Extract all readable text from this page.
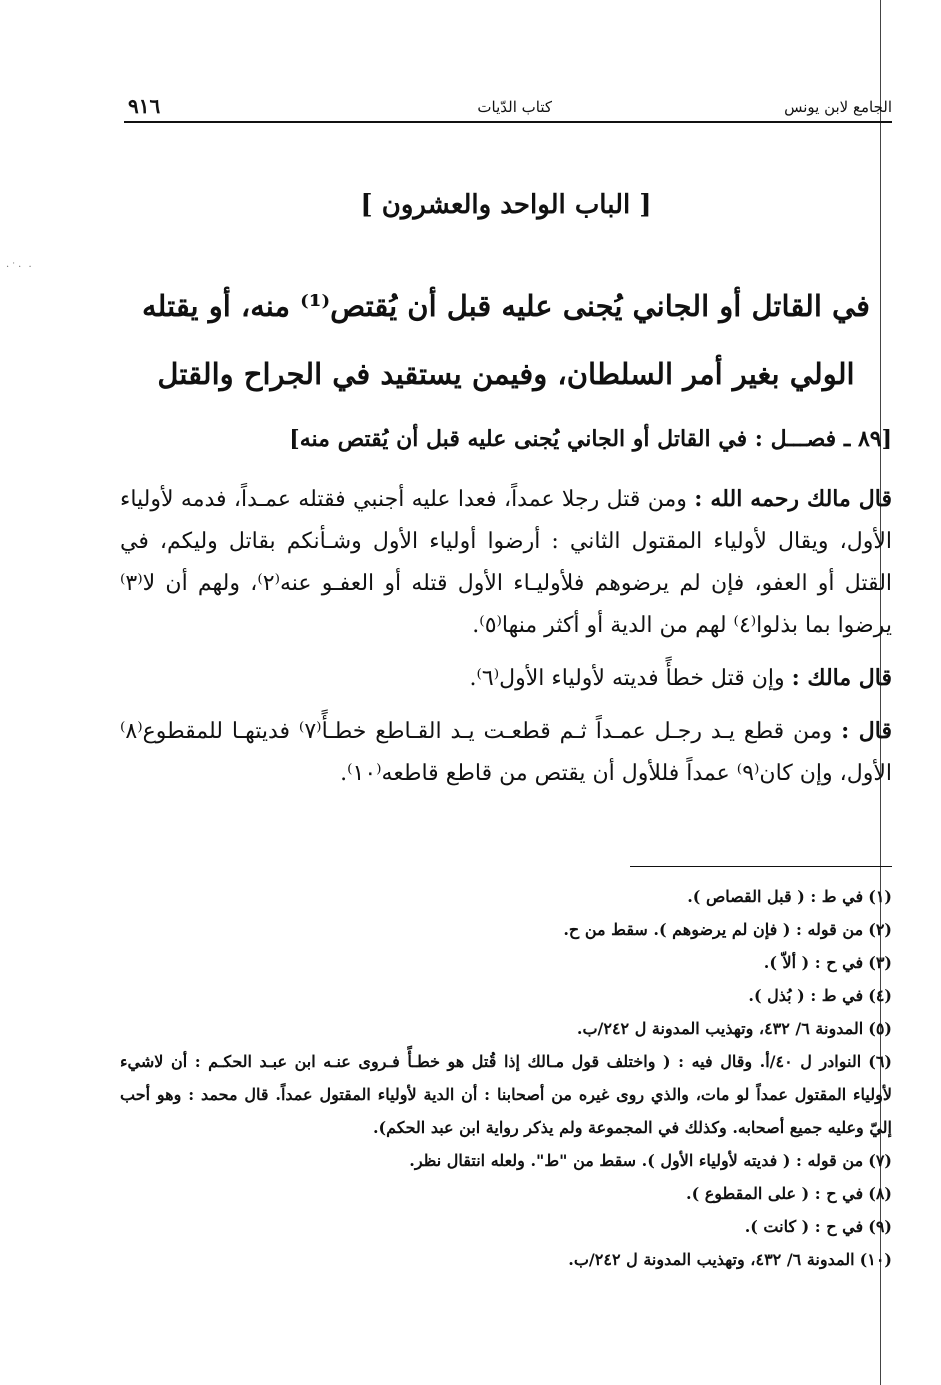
الجامع لابن يونس
كتاب الدّيات
٩١٦
[ الباب الواحد والعشرون ]
في القاتل أو الجاني يُجنى عليه قبل أن يُقتص⁽¹⁾ منه، أو يقتله الولي بغير أمر السلطان، وفيمن يستقيد في الجراح والقتل
[٨٩ ـ فصـــل : في القاتل أو الجاني يُجنى عليه قبل أن يُقتص منه]

قال مالك رحمه الله : ومن قتل رجلا عمداً، فعدا عليه أجنبي فقتله عمـداً، فدمه لأولياء الأول، ويقال لأولياء المقتول الثاني : أرضوا أولياء الأول وشـأنكم بقاتل وليكم، في القتل أو العفو، فإن لم يرضوهم فلأوليـاء الأول قتله أو العفـو عنه⁽٢⁾، ولهم أن لا⁽٣⁾ يرضوا بما بذلوا⁽٤⁾ لهم من الدية أو أكثر منها⁽٥⁾.

قال مالك : وإن قتل خطأً فديته لأولياء الأول⁽٦⁾.

قال : ومن قطع يـد رجـل عمـداً ثـم قطعـت يـد القـاطع خطـأً⁽٧⁾ فديتهـا للمقطوع⁽٨⁾ الأول، وإن كان⁽٩⁾ عمداً فللأول أن يقتص من قاطع قاطعه⁽١٠⁾.

(١) في ط : ( قبل القصاص ).

(٢) من قوله : ( فإن لم يرضوهم ). سقط من ح.

(٣) في ح : ( ألاّ ).

(٤) في ط : ( بُذل ).

(٥) المدونة ٦/ ٤٣٢، وتهذيب المدونة ل ٢٤٢/ب.

(٦) النوادر ل ٤٠/أ. وقال فيه : ( واختلف قول مـالك إذا قُتل هو خطـأً فـروى عنـه ابن عبـد الحكـم : أن لاشيء لأولياء المقتول عمداً لو مات، والذي روى غيره من أصحابنا : أن الدية لأولياء المقتول عمداً. قال محمد : وهو أحب إليّ وعليه جميع أصحابه. وكذلك في المجموعة ولم يذكر رواية ابن عبد الحكم).

(٧) من قوله : ( فديته لأولياء الأول ). سقط من "ط". ولعله انتقال نظر.

(٨) في ح : ( على المقطوع ).

(٩) في ح : ( كانت ).

(١٠) المدونة ٦/ ٤٣٢، وتهذيب المدونة ل ٢٤٢/ب.

·˙· ·
